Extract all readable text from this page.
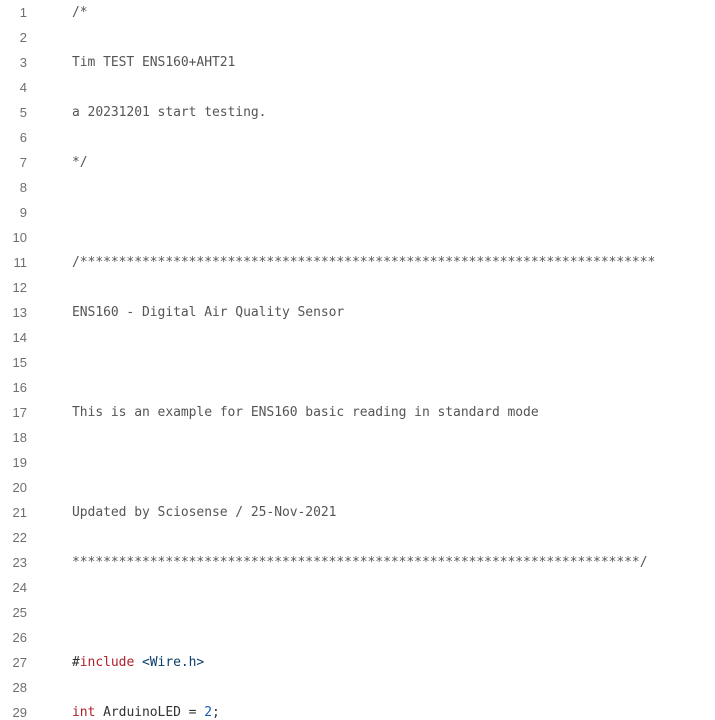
1	/*
2
3	Tim TEST ENS160+AHT21
4
5	a 20231201 start testing.
6
7	*/
8
9
10
11	/**************************************************************************
12
13	ENS160 - Digital Air Quality Sensor
14
15
16
17	This is an example for ENS160 basic reading in standard mode
18
19
20
21	Updated by Sciosense / 25-Nov-2021
22
23	*************************************************************************/
24
25
26
27	#include <Wire.h>
28
29	int ArduinoLED = 2;
